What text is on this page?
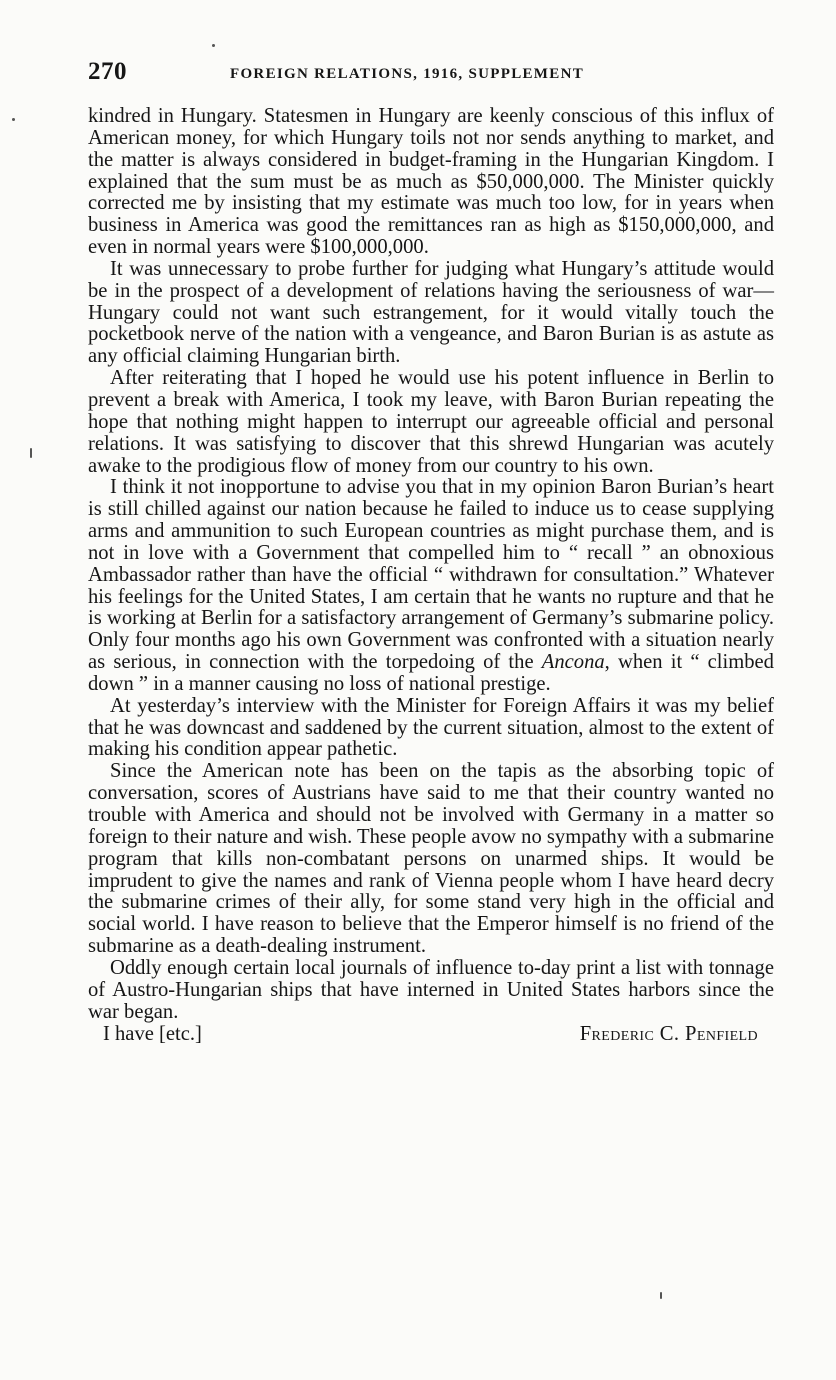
270	FOREIGN RELATIONS, 1916, SUPPLEMENT

kindred in Hungary. Statesmen in Hungary are keenly conscious of this influx of American money, for which Hungary toils not nor sends anything to market, and the matter is always considered in budget-framing in the Hungarian Kingdom. I explained that the sum must be as much as $50,000,000. The Minister quickly corrected me by insisting that my estimate was much too low, for in years when business in America was good the remittances ran as high as $150,000,000, and even in normal years were $100,000,000.

It was unnecessary to probe further for judging what Hungary’s attitude would be in the prospect of a development of relations having the seriousness of war—Hungary could not want such estrangement, for it would vitally touch the pocketbook nerve of the nation with a vengeance, and Baron Burian is as astute as any official claiming Hungarian birth.

After reiterating that I hoped he would use his potent influence in Berlin to prevent a break with America, I took my leave, with Baron Burian repeating the hope that nothing might happen to interrupt our agreeable official and personal relations. It was satisfying to discover that this shrewd Hungarian was acutely awake to the prodigious flow of money from our country to his own.

I think it not inopportune to advise you that in my opinion Baron Burian’s heart is still chilled against our nation because he failed to induce us to cease supplying arms and ammunition to such European countries as might purchase them, and is not in love with a Government that compelled him to “ recall ” an obnoxious Ambassador rather than have the official “ withdrawn for consultation.” Whatever his feelings for the United States, I am certain that he wants no rupture and that he is working at Berlin for a satisfactory arrangement of Germany’s submarine policy. Only four months ago his own Government was confronted with a situation nearly as serious, in connection with the torpedoing of the Ancona, when it “ climbed down ” in a manner causing no loss of national prestige.

At yesterday’s interview with the Minister for Foreign Affairs it was my belief that he was downcast and saddened by the current situation, almost to the extent of making his condition appear pathetic.

Since the American note has been on the tapis as the absorbing topic of conversation, scores of Austrians have said to me that their country wanted no trouble with America and should not be involved with Germany in a matter so foreign to their nature and wish. These people avow no sympathy with a submarine program that kills non-combatant persons on unarmed ships. It would be imprudent to give the names and rank of Vienna people whom I have heard decry the submarine crimes of their ally, for some stand very high in the official and social world. I have reason to believe that the Emperor himself is no friend of the submarine as a death-dealing instrument.

Oddly enough certain local journals of influence to-day print a list with tonnage of Austro-Hungarian ships that have interned in United States harbors since the war began.

I have [etc.]	Frederic C. Penfield
